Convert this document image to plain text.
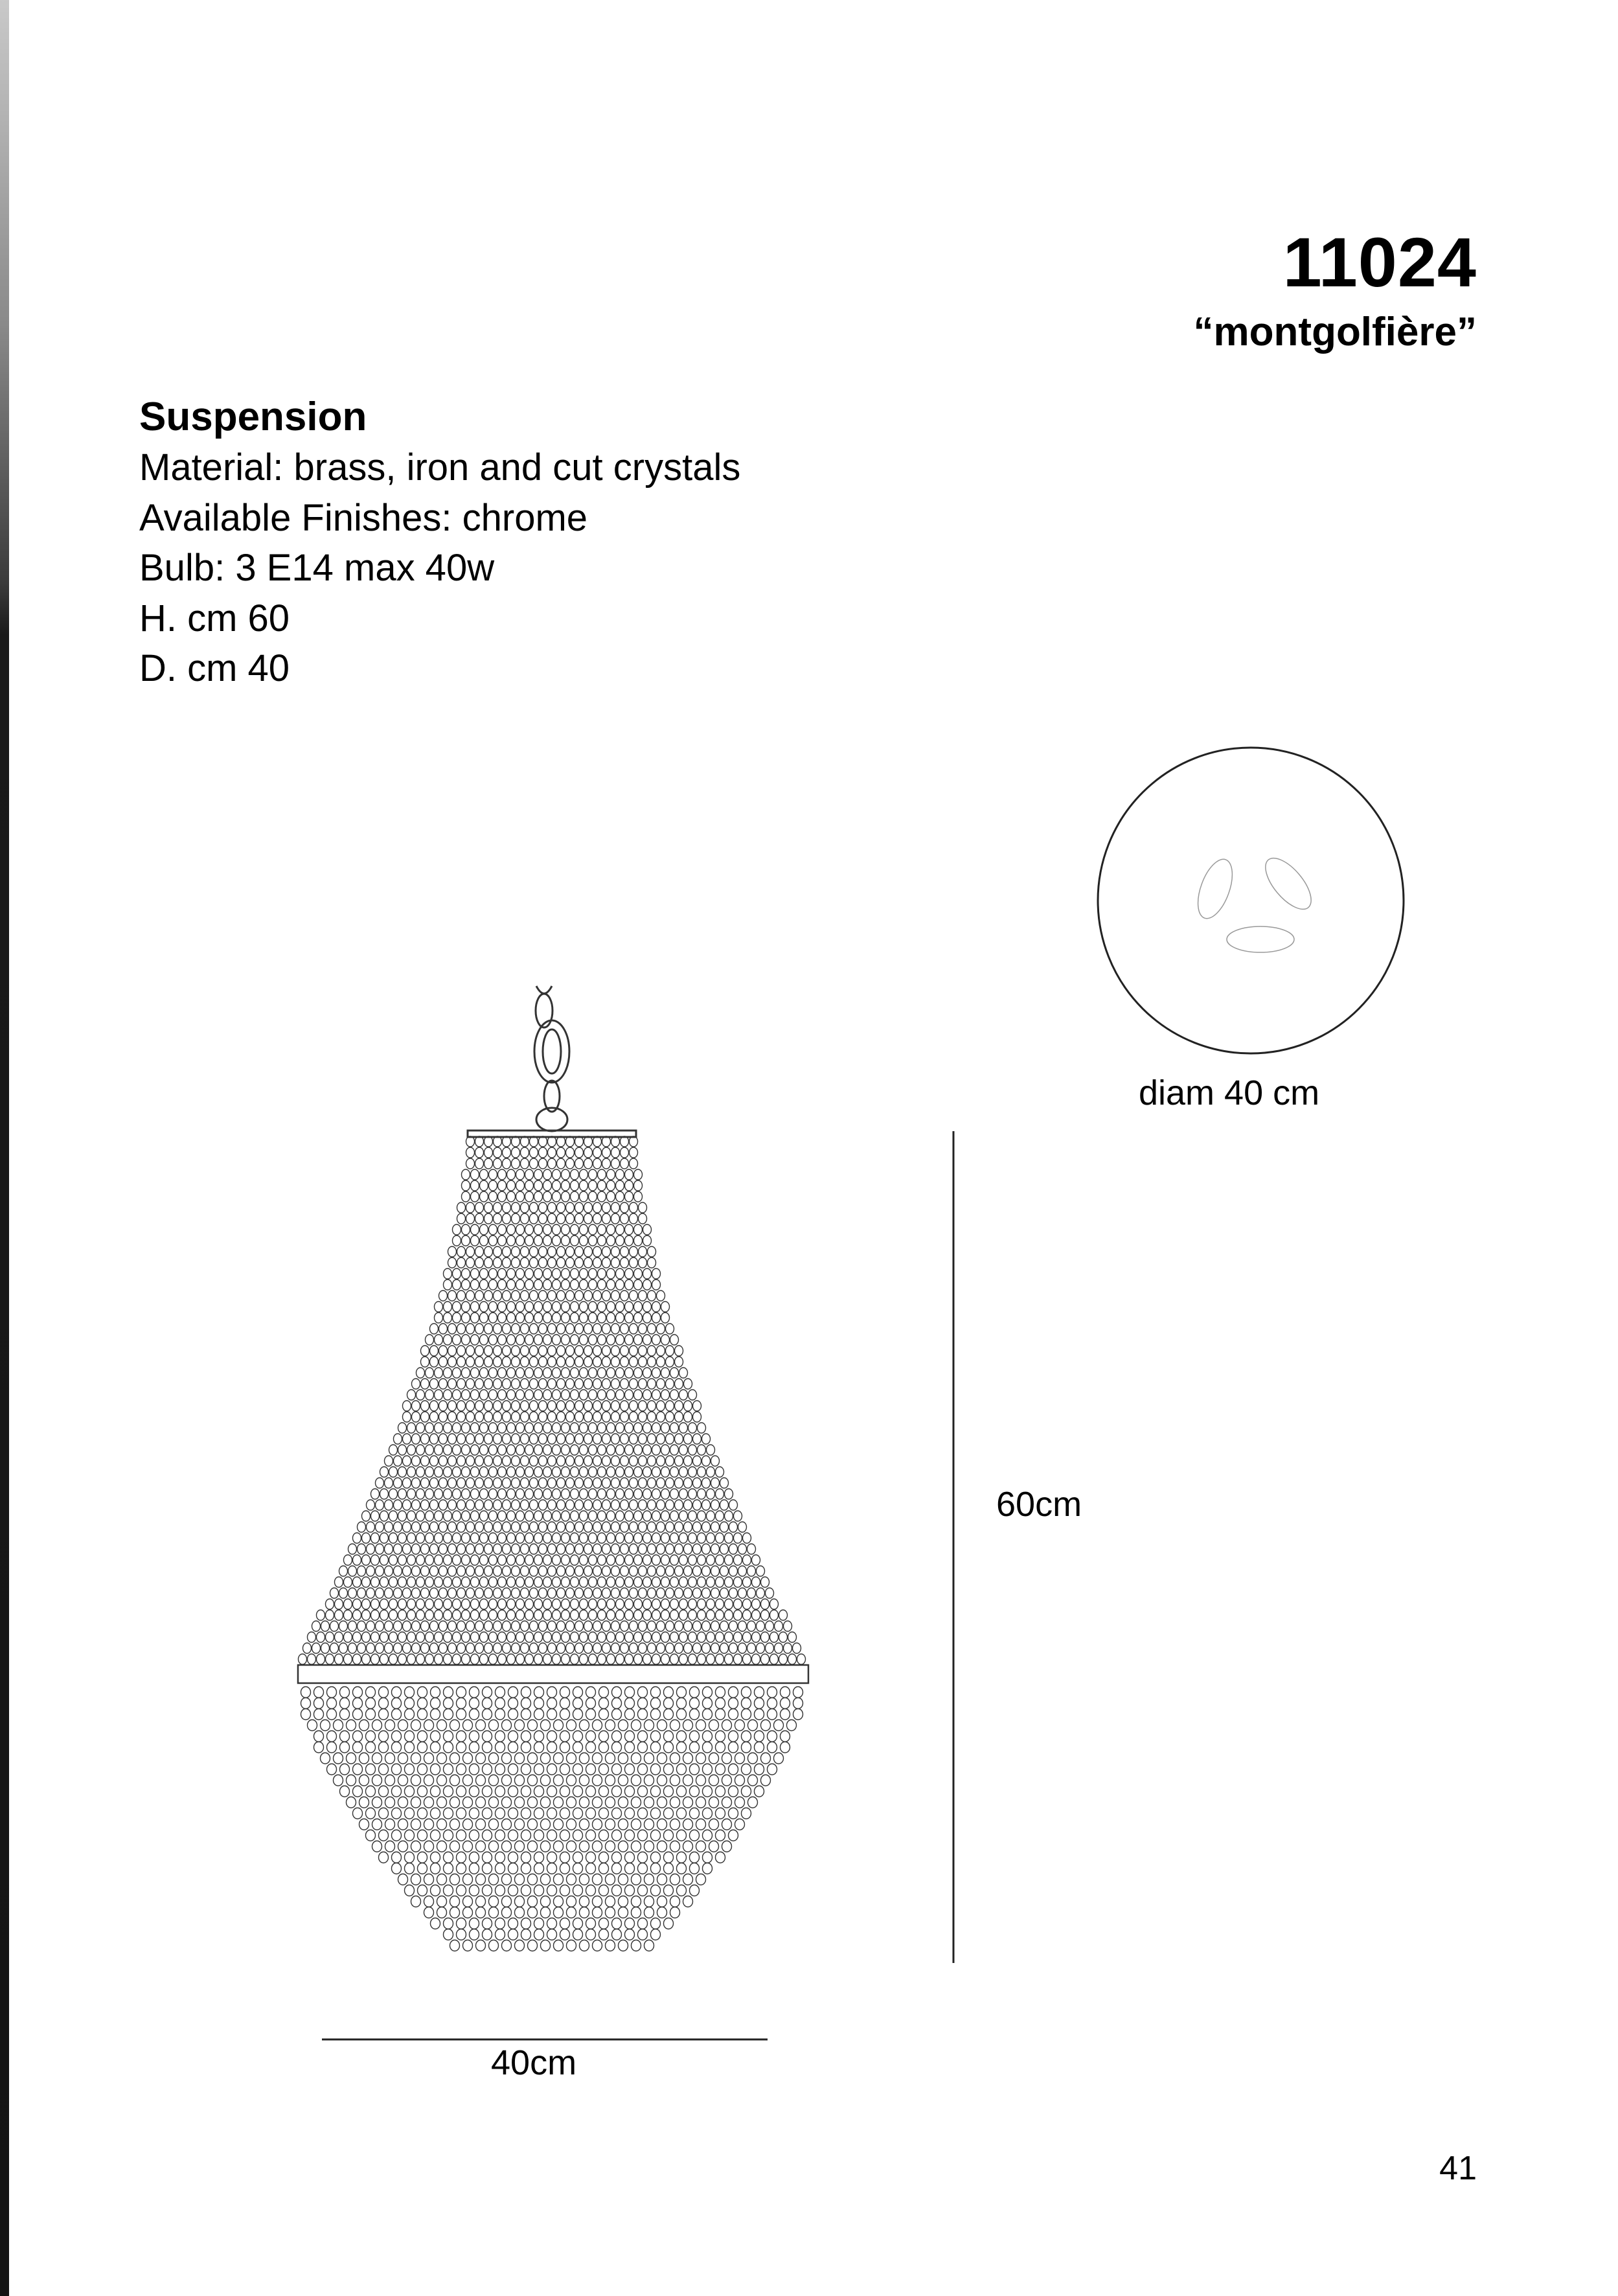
11024
“montgolfière”
Suspension
Material: brass, iron and cut crystals
Available Finishes: chrome
Bulb: 3 E14 max 40w
H. cm 60
D. cm 40
diam 40 cm
60cm
40cm
41
